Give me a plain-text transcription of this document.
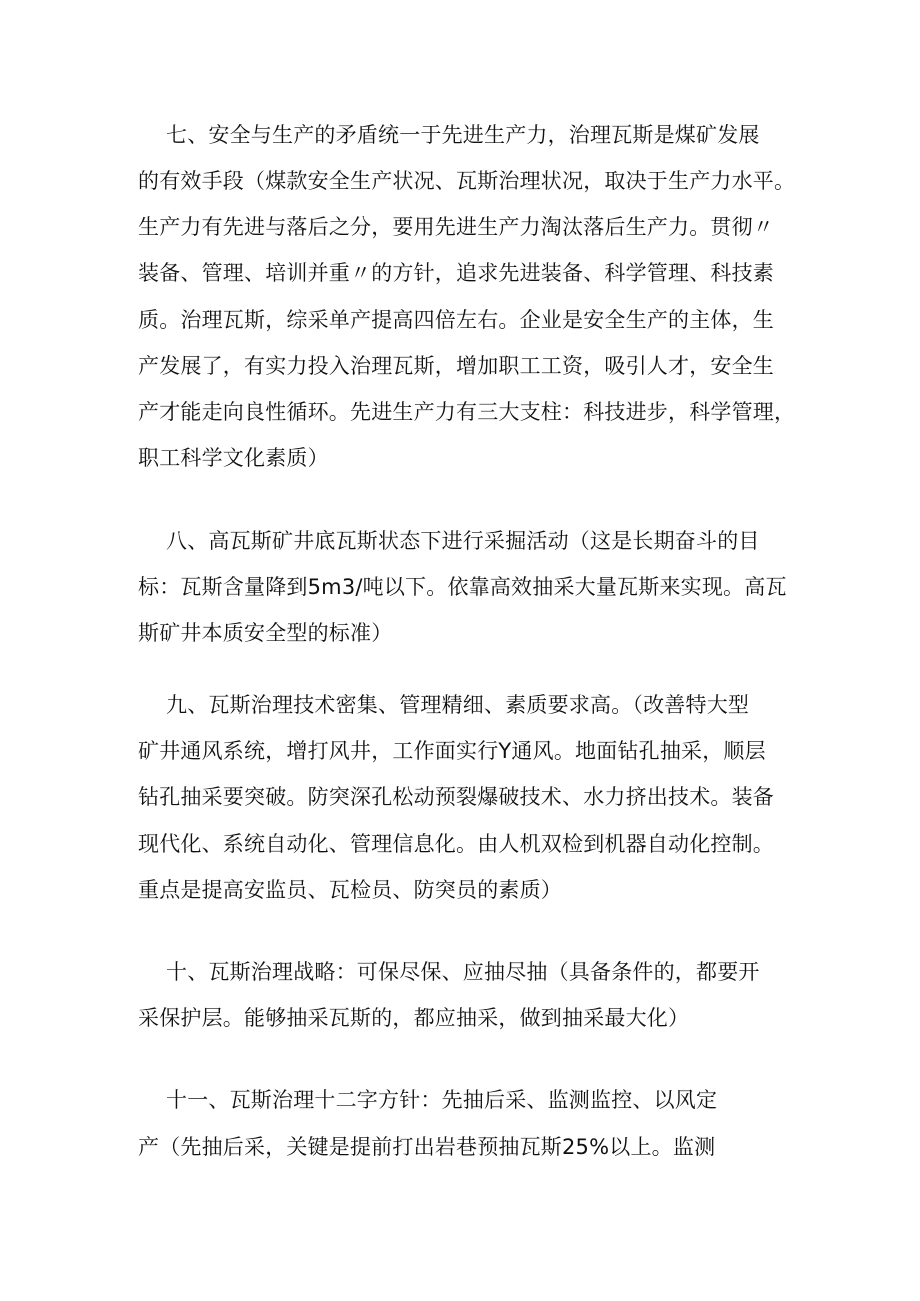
七、安全与生产的矛盾统一于先进生产力，治理瓦斯是煤矿发展
的有效手段（煤款安全生产状况、瓦斯治理状况，取决于生产力水平。
生产力有先进与落后之分，要用先进生产力淘汰落后生产力。贯彻〃
装备、管理、培训并重〃的方针，追求先进装备、科学管理、科技素
质。治理瓦斯，综采单产提高四倍左右。企业是安全生产的主体，生
产发展了，有实力投入治理瓦斯，增加职工工资，吸引人才，安全生
产才能走向良性循环。先进生产力有三大支柱：科技进步，科学管理，
职工科学文化素质）
八、高瓦斯矿井底瓦斯状态下进行采掘活动（这是长期奋斗的目
标：瓦斯含量降到5m3/吨以下。依靠高效抽采大量瓦斯来实现。高瓦
斯矿井本质安全型的标准）
九、瓦斯治理技术密集、管理精细、素质要求高。（改善特大型
矿井通风系统，增打风井，工作面实行Y通风。地面钻孔抽采，顺层
钻孔抽采要突破。防突深孔松动预裂爆破技术、水力挤出技术。装备
现代化、系统自动化、管理信息化。由人机双检到机器自动化控制。
重点是提高安监员、瓦检员、防突员的素质）
十、瓦斯治理战略：可保尽保、应抽尽抽（具备条件的，都要开
采保护层。能够抽采瓦斯的，都应抽采，做到抽采最大化）
十一、瓦斯治理十二字方针：先抽后采、监测监控、以风定
产（先抽后采，关键是提前打出岩巷预抽瓦斯25%以上。监测
